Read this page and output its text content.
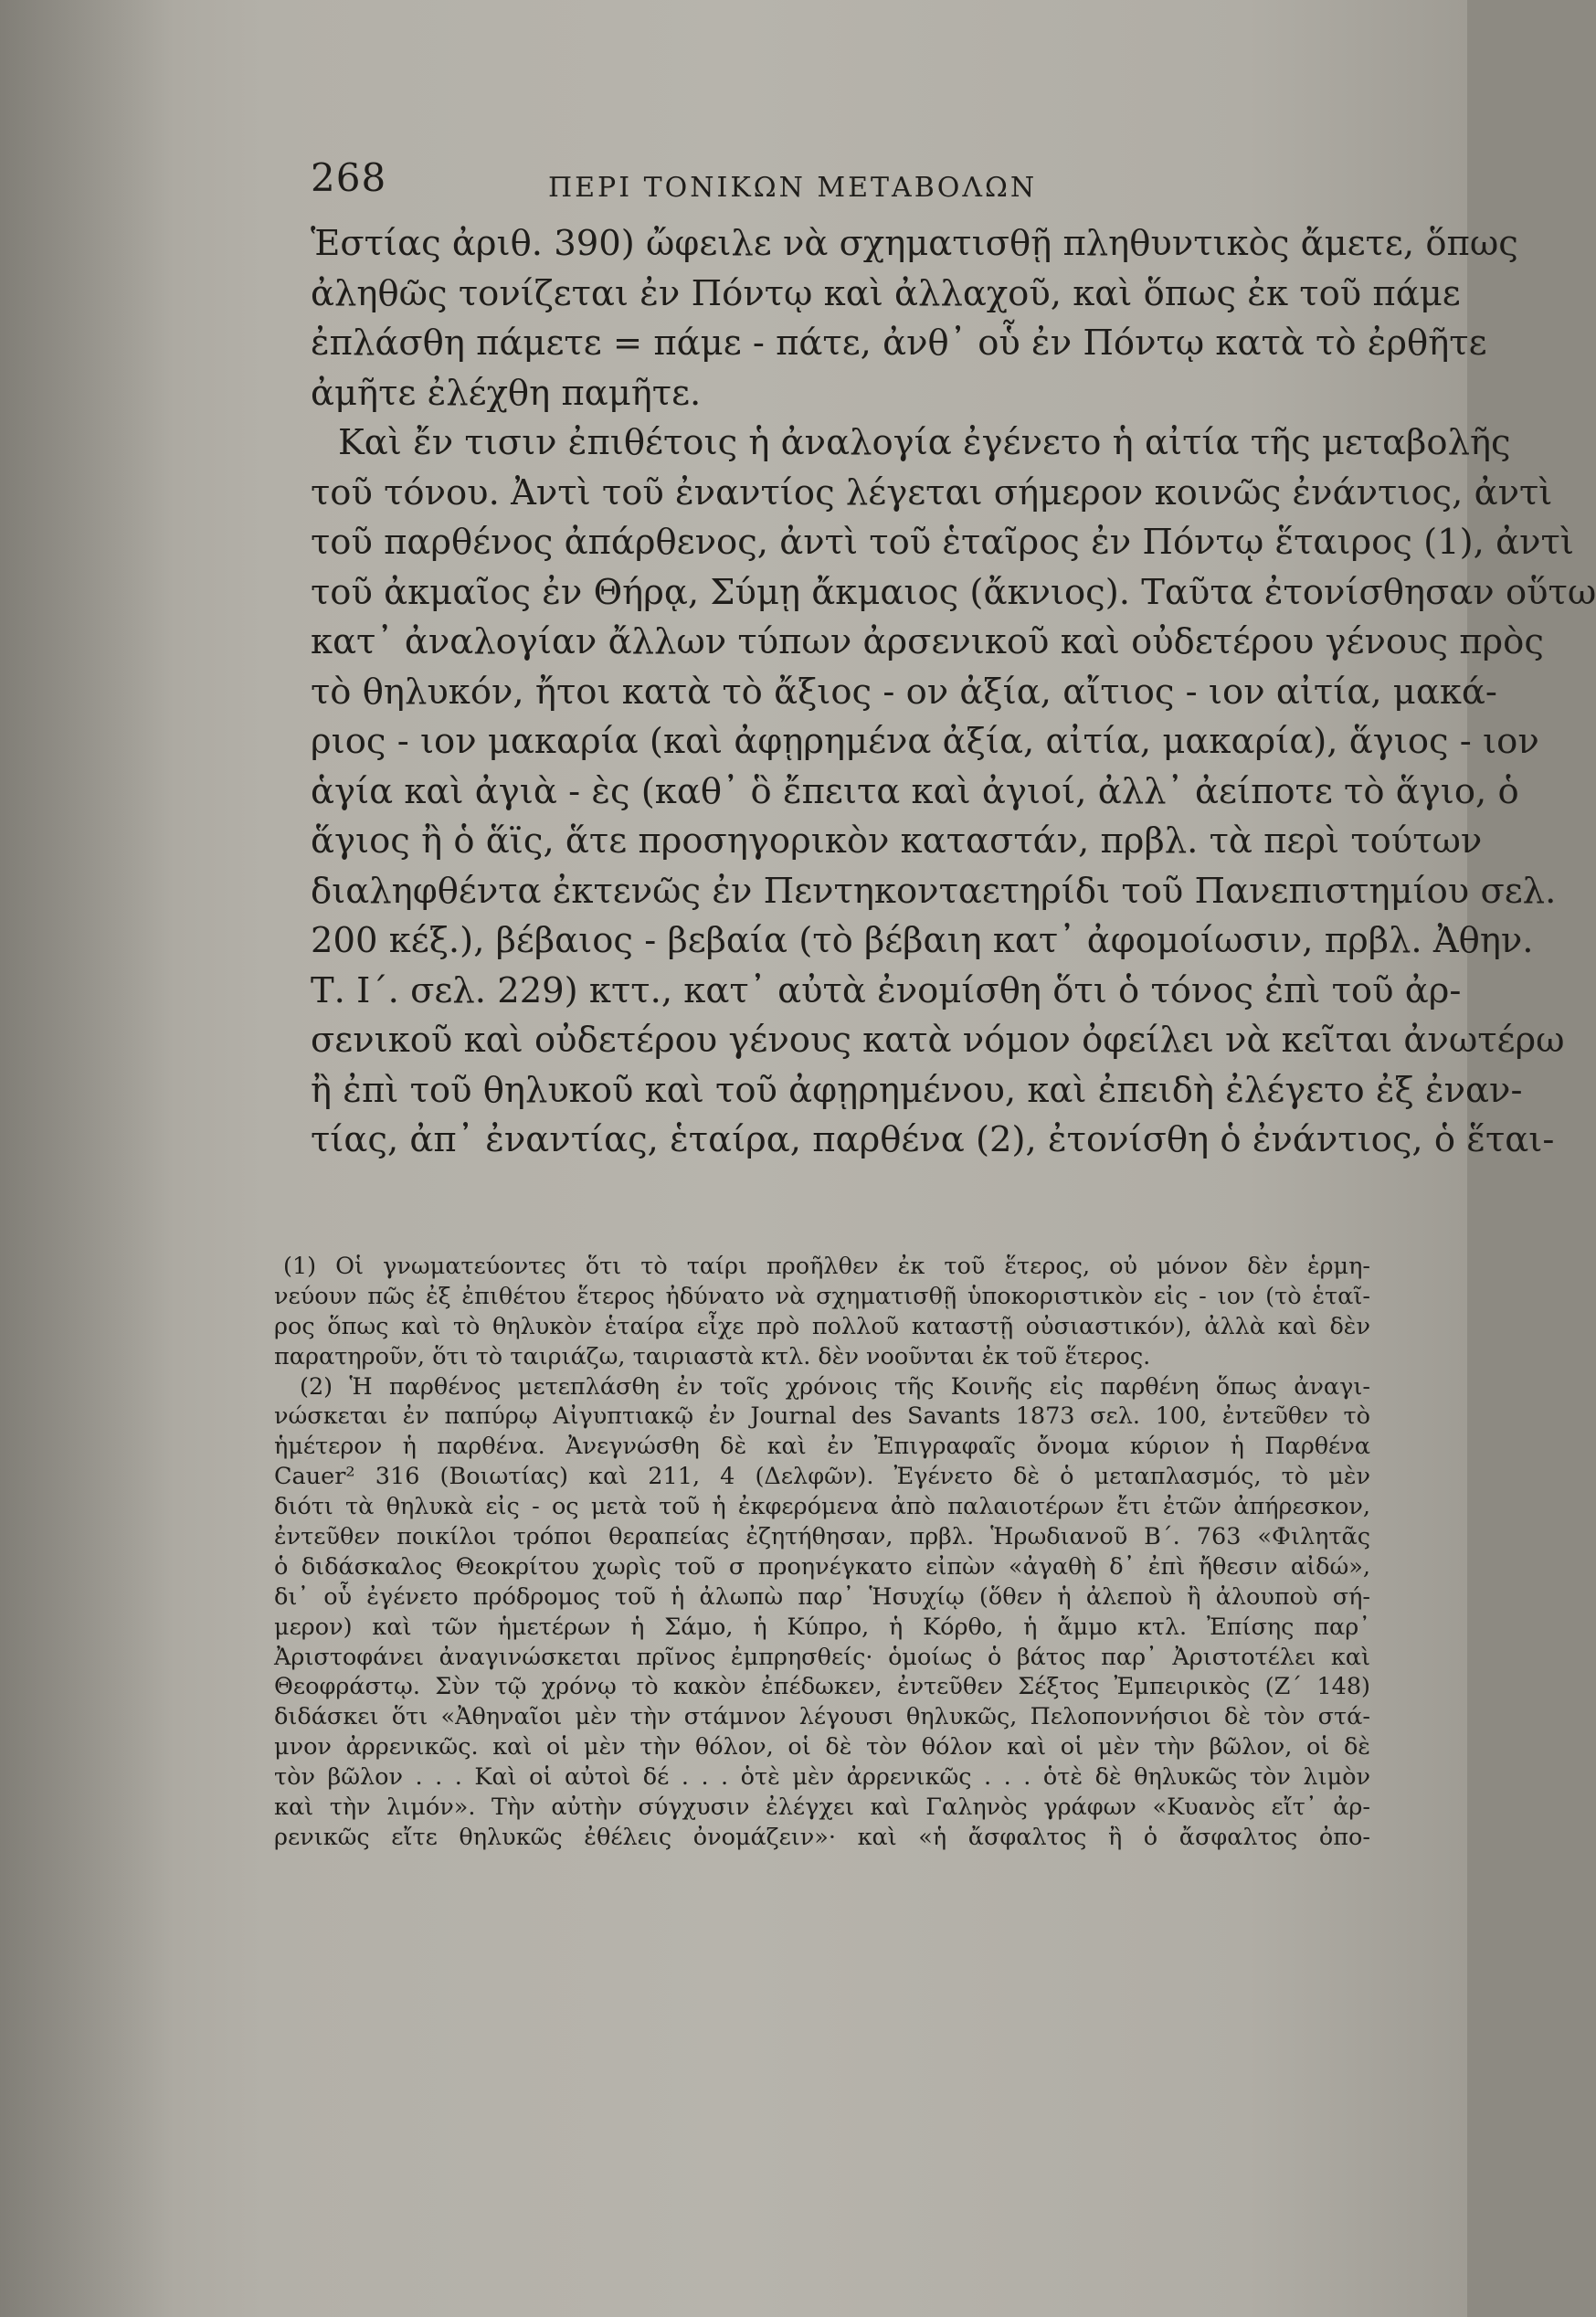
268	ΠΕΡΙ ΤΟΝΙΚΩΝ ΜΕΤΑΒΟΛΩΝ
Ἑστίας ἀριθ. 390) ὤφειλε νὰ σχηματισθῇ πληθυντικὸς ἄμετε, ὅπως
ἀληθῶς τονίζεται ἐν Πόντῳ καὶ ἀλλαχοῦ, καὶ ὅπως ἐκ τοῦ πάμε
ἐπλάσθη πάμετε = πάμε - πάτε, ἀνθ᾿ οὗ ἐν Πόντῳ κατὰ τὸ ἐρθῆτε
ἀμῆτε ἐλέχθη παμῆτε.
Καὶ ἔν τισιν ἐπιθέτοις ἡ ἀναλογία ἐγένετο ἡ αἰτία τῆς μεταβολῆς
τοῦ τόνου. Ἀντὶ τοῦ ἐναντίος λέγεται σήμερον κοινῶς ἐνάντιος, ἀντὶ
τοῦ παρθένος ἀπάρθενος, ἀντὶ τοῦ ἑταῖρος ἐν Πόντῳ ἕταιρος (1), ἀντὶ
τοῦ ἀκμαῖος ἐν Θήρᾳ, Σύμῃ ἄκμαιος (ἄκνιος). Ταῦτα ἐτονίσθησαν οὕτω
κατ᾿ ἀναλογίαν ἄλλων τύπων ἀρσενικοῦ καὶ οὐδετέρου γένους πρὸς
τὸ θηλυκόν, ἤτοι κατὰ τὸ ἄξιος - ον ἀξία, αἴτιος - ιον αἰτία, μακά-
ριος - ιον μακαρία (καὶ ἀφῃρημένα ἀξία, αἰτία, μακαρία), ἅγιος - ιον
ἁγία καὶ ἀγιὰ - ὲς (καθ᾿ ὃ ἔπειτα καὶ ἀγιοί, ἀλλ᾿ ἀείποτε τὸ ἅγιο, ὁ
ἅγιος ἢ ὁ ἅϊς, ἅτε προσηγορικὸν καταστάν, πρβλ. τὰ περὶ τούτων
διαληφθέντα ἐκτενῶς ἐν Πεντηκονταετηρίδι τοῦ Πανεπιστημίου σελ.
200 κέξ.), βέβαιος - βεβαία (τὸ βέβαιη κατ᾿ ἀφομοίωσιν, πρβλ. Ἀθην.
Τ. Ι΄. σελ. 229) κττ., κατ᾿ αὐτὰ ἐνομίσθη ὅτι ὁ τόνος ἐπὶ τοῦ ἀρ-
σενικοῦ καὶ οὐδετέρου γένους κατὰ νόμον ὀφείλει νὰ κεῖται ἀνωτέρω
ἢ ἐπὶ τοῦ θηλυκοῦ καὶ τοῦ ἀφῃρημένου, καὶ ἐπειδὴ ἐλέγετο ἐξ ἐναν-
τίας, ἀπ᾿ ἐναντίας, ἑταίρα, παρθένα (2), ἐτονίσθη ὁ ἐνάντιος, ὁ ἕται-
(1) Οἱ γνωματεύοντες ὅτι τὸ ταίρι προῆλθεν ἐκ τοῦ ἕτερος, οὐ μόνον δὲν ἑρμη-
νεύουν πῶς ἐξ ἐπιθέτου ἕτερος ἠδύνατο νὰ σχηματισθῇ ὑποκοριστικὸν εἰς - ιον (τὸ ἑταῖ-
ρος ὅπως καὶ τὸ θηλυκὸν ἑταίρα εἶχε πρὸ πολλοῦ καταστῇ οὐσιαστικόν), ἀλλὰ καὶ δὲν
παρατηροῦν, ὅτι τὸ ταιριάζω, ταιριαστὰ κτλ. δὲν νοοῦνται ἐκ τοῦ ἕτερος.
(2) Ἡ παρθένος μετεπλάσθη ἐν τοῖς χρόνοις τῆς Κοινῆς εἰς παρθένη ὅπως ἀναγι-
νώσκεται ἐν παπύρῳ Αἰγυπτιακῷ ἐν Journal des Savants 1873 σελ. 100, ἐντεῦθεν τὸ
ἡμέτερον ἡ παρθένα. Ἀνεγνώσθη δὲ καὶ ἐν Ἐπιγραφαῖς ὄνομα κύριον ἡ Παρθένα
Cauer² 316 (Βοιωτίας) καὶ 211, 4 (Δελφῶν). Ἐγένετο δὲ ὁ μεταπλασμός, τὸ μὲν
διότι τὰ θηλυκὰ εἰς - ος μετὰ τοῦ ἡ ἐκφερόμενα ἀπὸ παλαιοτέρων ἔτι ἐτῶν ἀπήρεσκον,
ἐντεῦθεν ποικίλοι τρόποι θεραπείας ἐζητήθησαν, πρβλ. Ἡρωδιανοῦ Β΄. 763 «Φιλητᾶς
ὁ διδάσκαλος Θεοκρίτου χωρὶς τοῦ σ προηνέγκατο εἰπὼν «ἀγαθὴ δ᾿ ἐπὶ ἤθεσιν αἰδώ»,
δι᾿ οὗ ἐγένετο πρόδρομος τοῦ ἡ ἀλωπὼ παρ᾿ Ἡσυχίῳ (ὅθεν ἡ ἀλεποὺ ἢ ἀλουποὺ σή-
μερον) καὶ τῶν ἡμετέρων ἡ Σάμο, ἡ Κύπρο, ἡ Κόρθο, ἡ ἄμμο κτλ. Ἐπίσης παρ᾿
Ἀριστοφάνει ἀναγινώσκεται πρῖνος ἐμπρησθείς· ὁμοίως ὁ βάτος παρ᾿ Ἀριστοτέλει καὶ
Θεοφράστῳ. Σὺν τῷ χρόνῳ τὸ κακὸν ἐπέδωκεν, ἐντεῦθεν Σέξτος Ἐμπειρικὸς (Ζ΄ 148)
διδάσκει ὅτι «Ἀθηναῖοι μὲν τὴν στάμνον λέγουσι θηλυκῶς, Πελοποννήσιοι δὲ τὸν στά-
μνον ἀρρενικῶς. καὶ οἱ μὲν τὴν θόλον, οἱ δὲ τὸν θόλον καὶ οἱ μὲν τὴν βῶλον, οἱ δὲ
τὸν βῶλον . . . Καὶ οἱ αὐτοὶ δέ . . . ὁτὲ μὲν ἀρρενικῶς . . . ὁτὲ δὲ θηλυκῶς τὸν λιμὸν
καὶ τὴν λιμόν». Τὴν αὐτὴν σύγχυσιν ἐλέγχει καὶ Γαληνὸς γράφων «Κυανὸς εἴτ᾿ ἀρ-
ρενικῶς εἴτε θηλυκῶς ἐθέλεις ὀνομάζειν»· καὶ «ἡ ἄσφαλτος ἢ ὁ ἄσφαλτος ὀπο-
